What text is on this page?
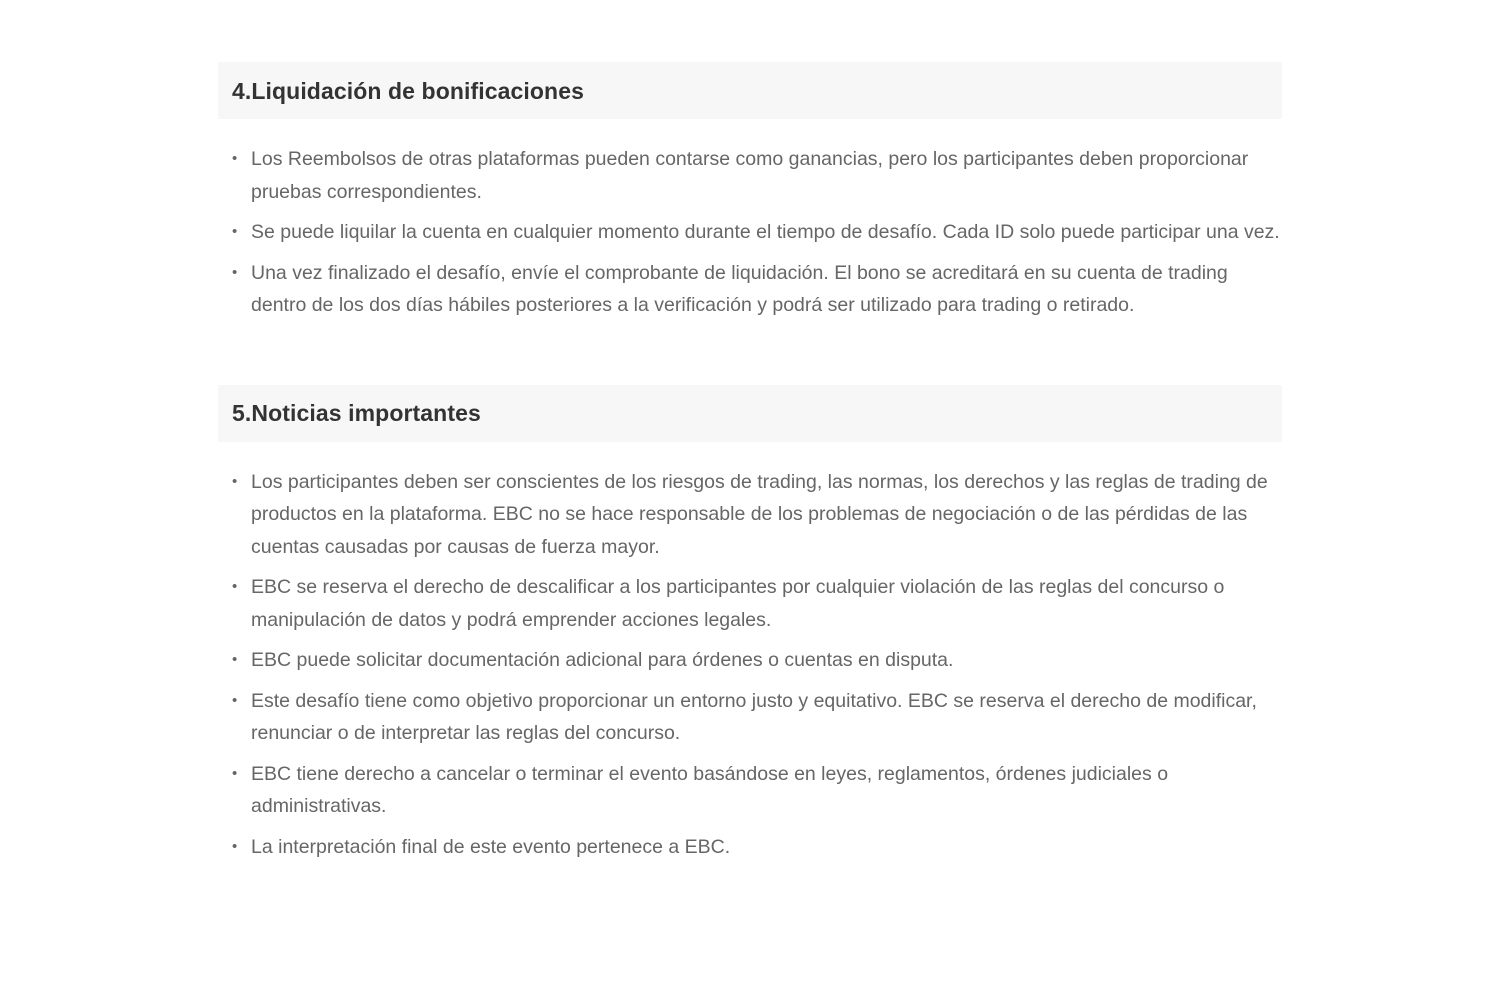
4.Liquidación de bonificaciones
• Los Reembolsos de otras plataformas pueden contarse como ganancias, pero los participantes deben proporcionar pruebas correspondientes.
• Se puede liquilar la cuenta en cualquier momento durante el tiempo de desafío. Cada ID solo puede participar una vez.
• Una vez finalizado el desafío, envíe el comprobante de liquidación. El bono se acreditará en su cuenta de trading dentro de los dos días hábiles posteriores a la verificación y podrá ser utilizado para trading o retirado.
5.Noticias importantes
• Los participantes deben ser conscientes de los riesgos de trading, las normas, los derechos y las reglas de trading de productos en la plataforma. EBC no se hace responsable de los problemas de negociación o de las pérdidas de las cuentas causadas por causas de fuerza mayor.
• EBC se reserva el derecho de descalificar a los participantes por cualquier violación de las reglas del concurso o manipulación de datos y podrá emprender acciones legales.
• EBC puede solicitar documentación adicional para órdenes o cuentas en disputa.
• Este desafío tiene como objetivo proporcionar un entorno justo y equitativo. EBC se reserva el derecho de modificar, renunciar o de interpretar las reglas del concurso.
• EBC tiene derecho a cancelar o terminar el evento basándose en leyes, reglamentos, órdenes judiciales o administrativas.
• La interpretación final de este evento pertenece a EBC.
